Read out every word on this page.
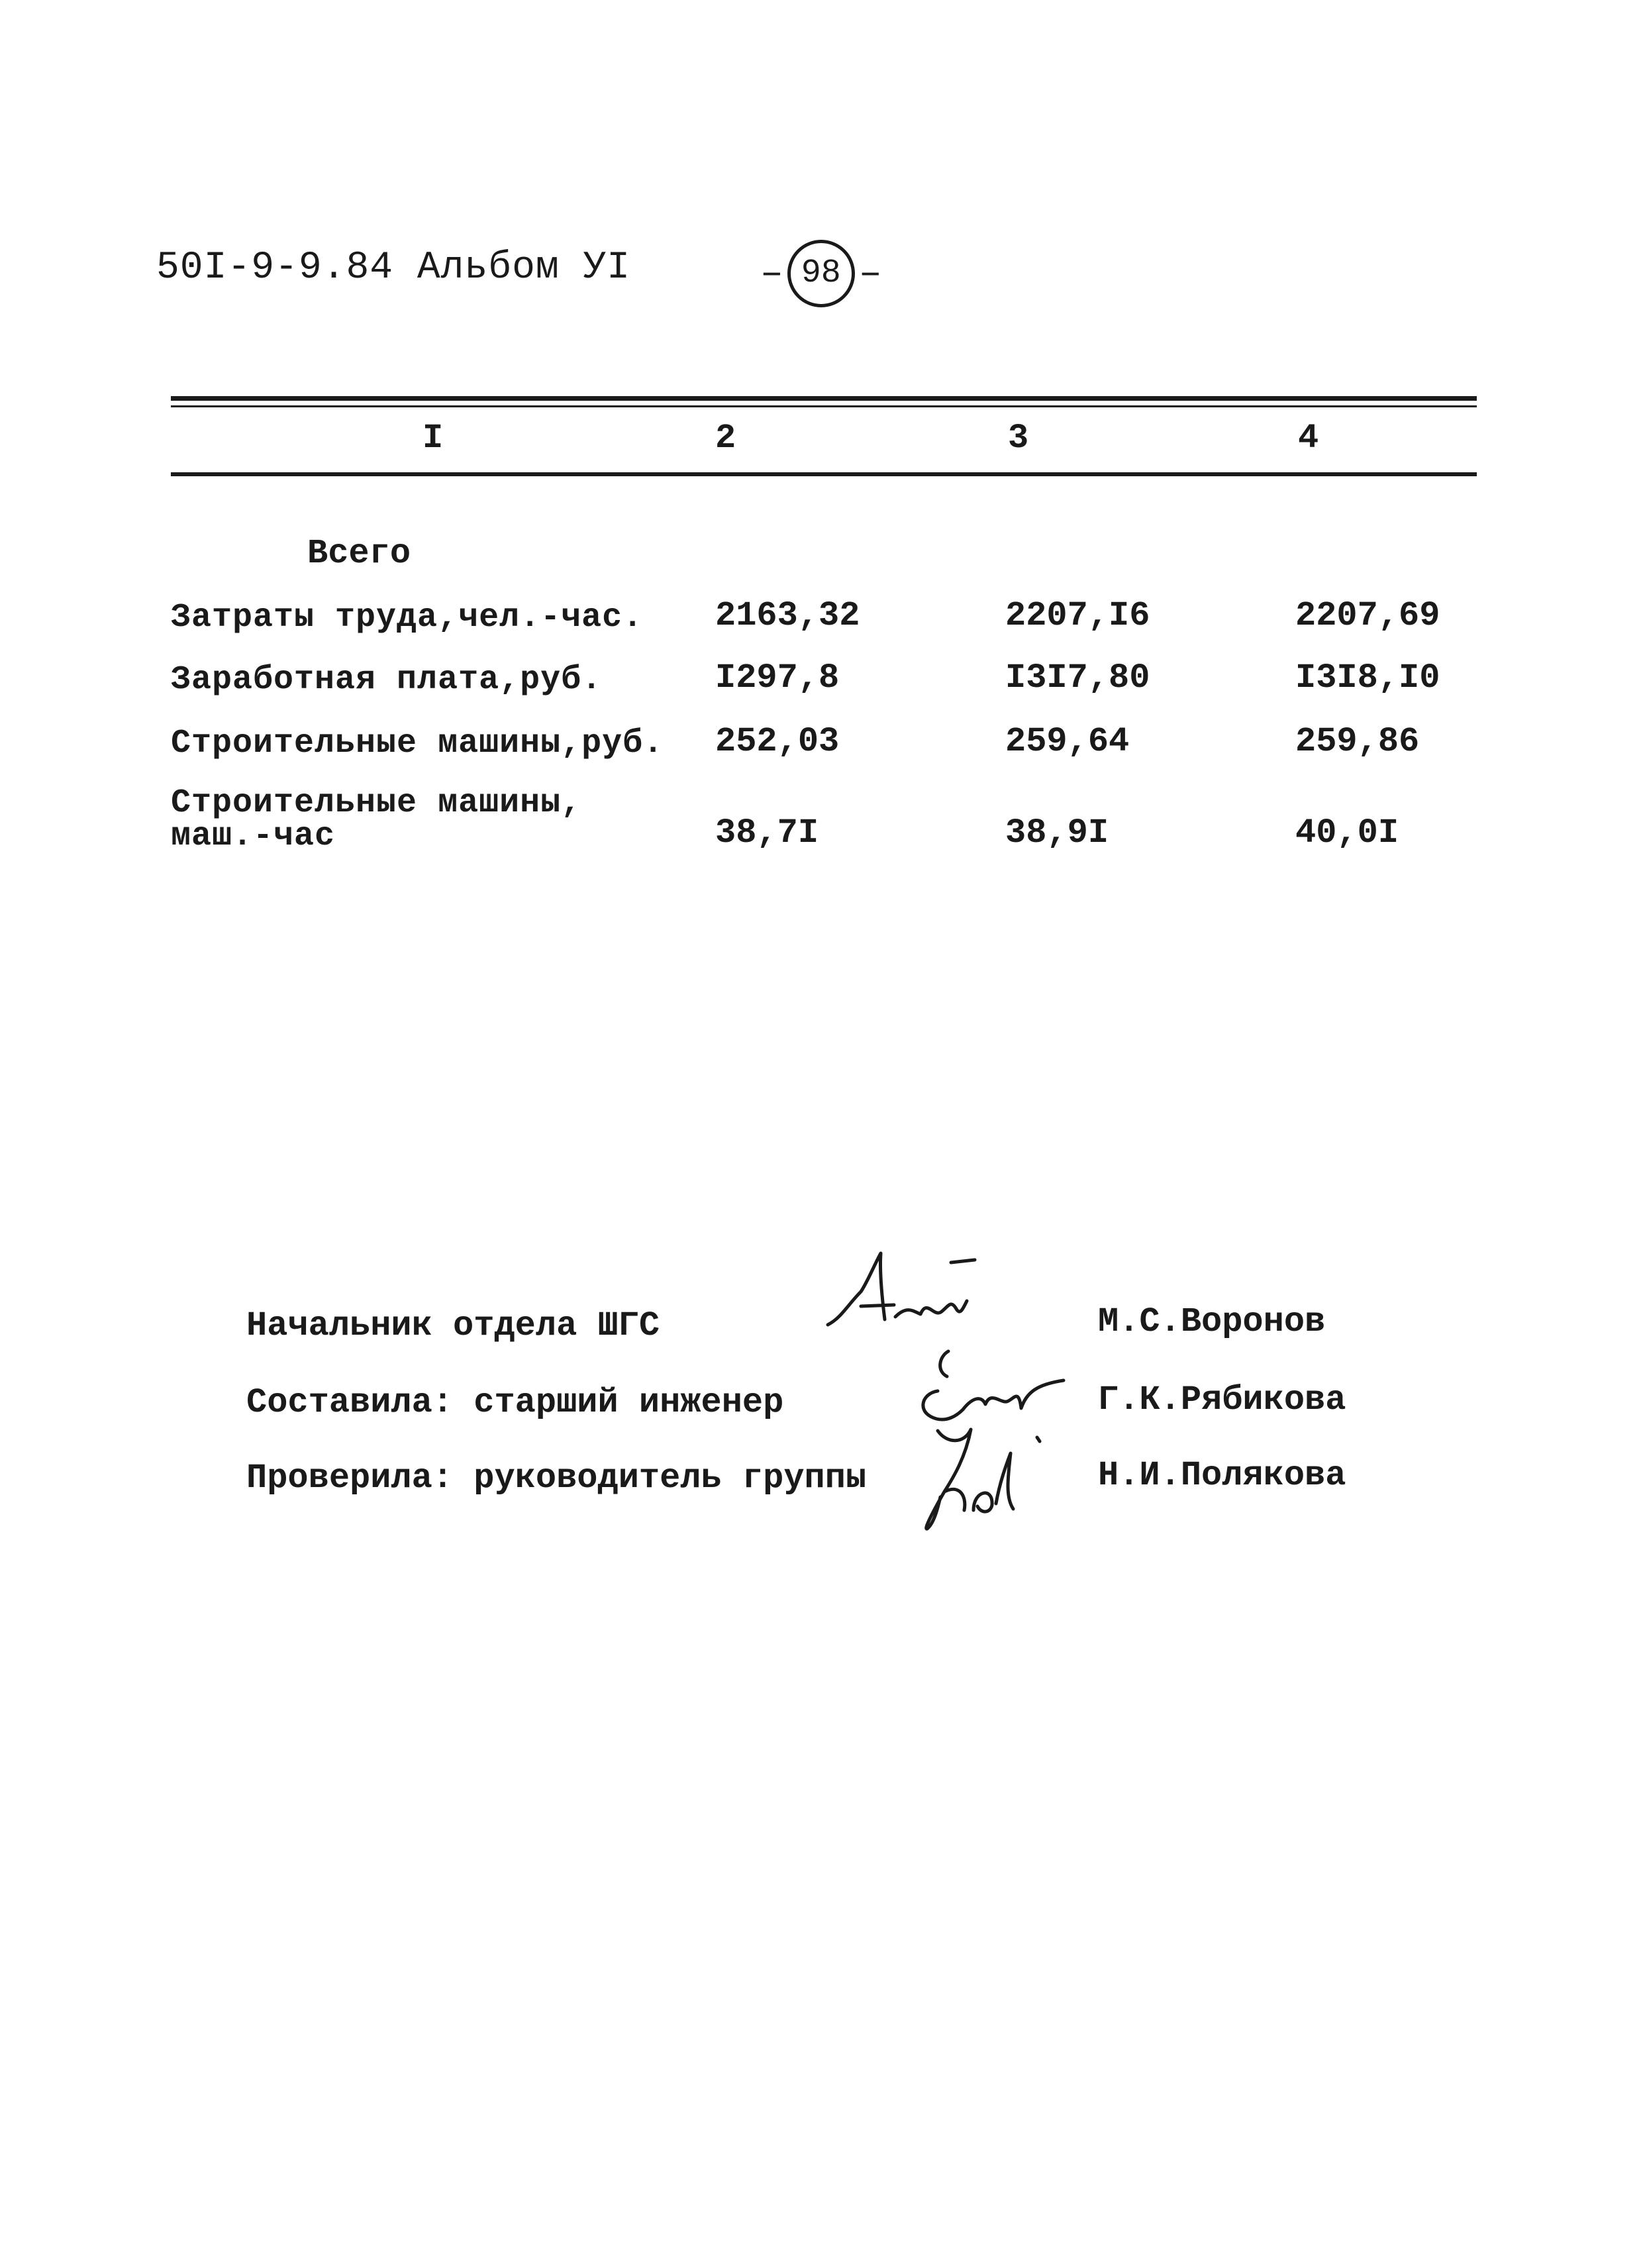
50I-9-9.84 Альбом УI	– 98 –
I	2	3	4
Всего
Затраты труда,чел.-час. 2163,32	2207,I6	2207,69
Заработная плата,руб.	I297,8	I3I7,80	I3I8,I0
Строительные машины,руб. 252,03	259,64	259,86
Строительные машины,
маш.-час	38,7I	38,9I	40,0I
Начальник отдела ШГС	М.С.Воронов
Составила: старший инженер	Г.К.Рябикова
Проверила: руководитель группы	Н.И.Полякова
